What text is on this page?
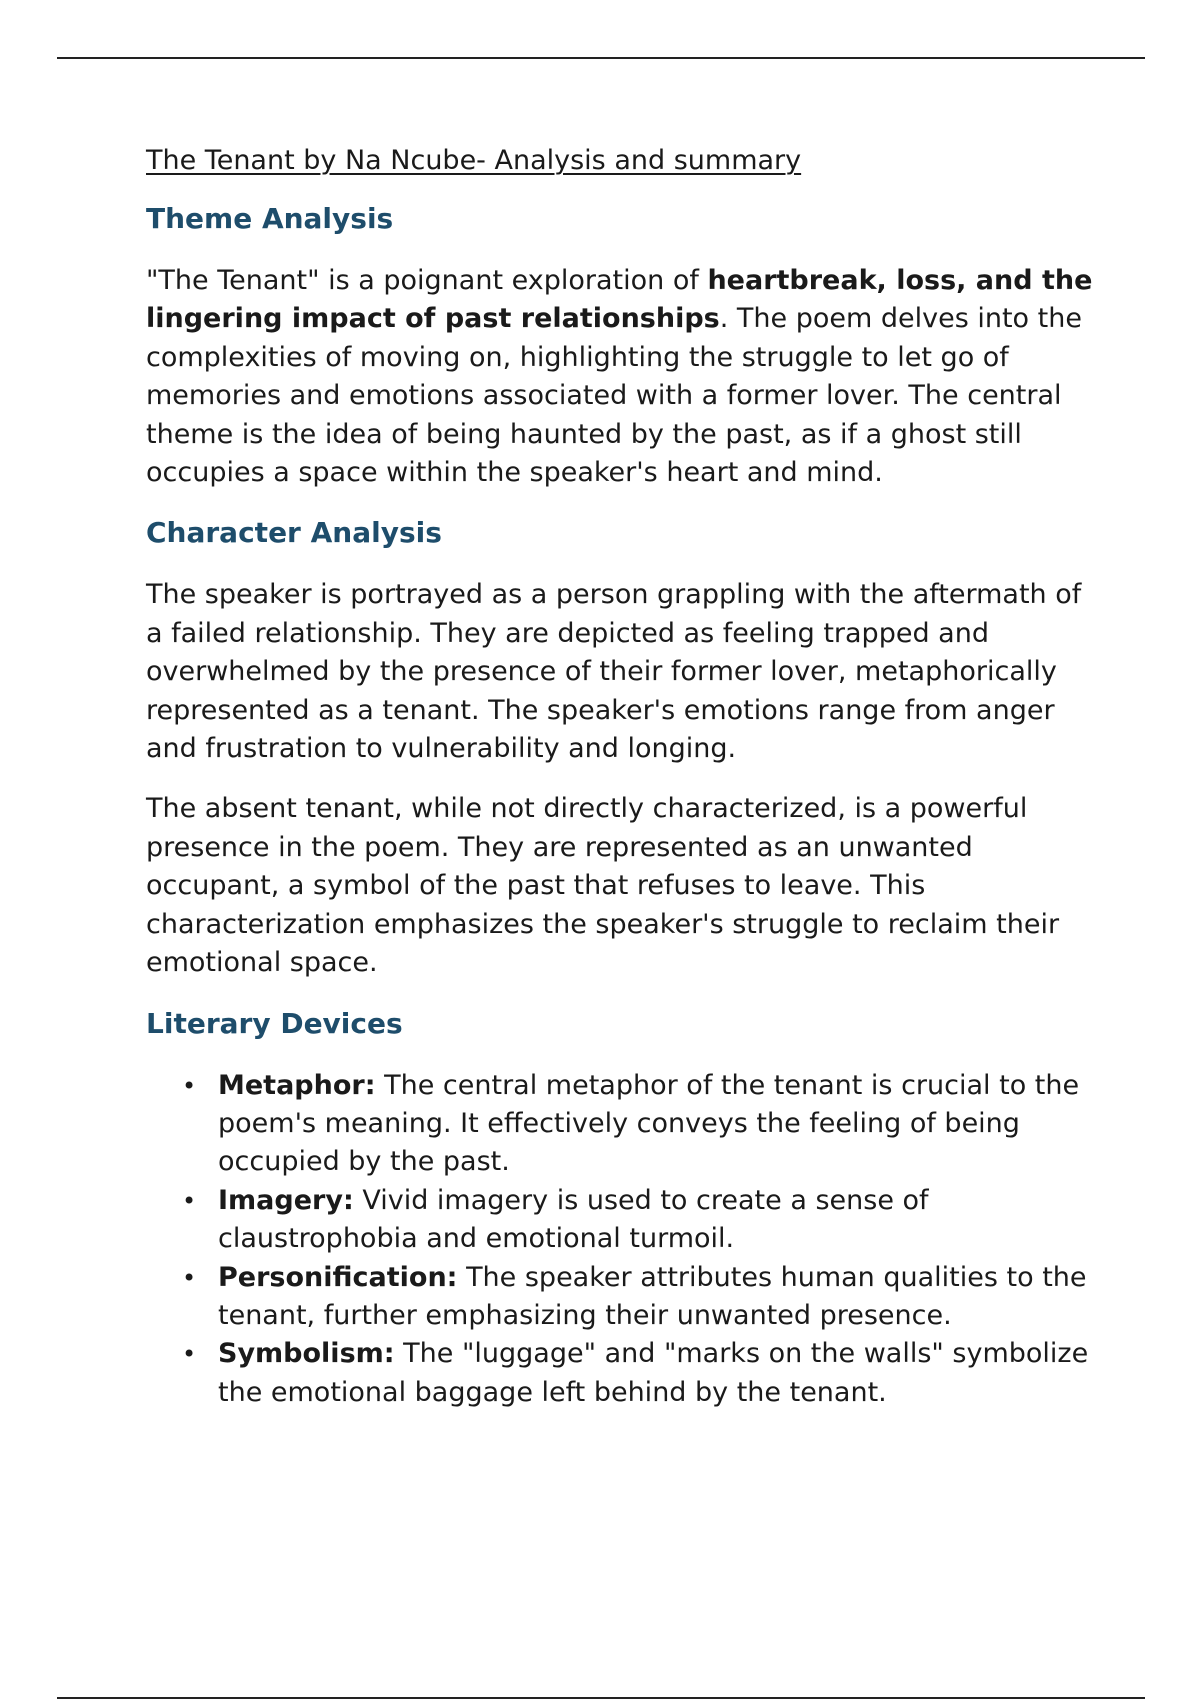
The Tenant by Na Ncube- Analysis and summary
Theme Analysis

"The Tenant" is a poignant exploration of heartbreak, loss, and the lingering impact of past relationships. The poem delves into the complexities of moving on, highlighting the struggle to let go of memories and emotions associated with a former lover. The central theme is the idea of being haunted by the past, as if a ghost still occupies a space within the speaker's heart and mind.

Character Analysis

The speaker is portrayed as a person grappling with the aftermath of a failed relationship. They are depicted as feeling trapped and overwhelmed by the presence of their former lover, metaphorically represented as a tenant. The speaker's emotions range from anger and frustration to vulnerability and longing.

The absent tenant, while not directly characterized, is a powerful presence in the poem. They are represented as an unwanted occupant, a symbol of the past that refuses to leave. This characterization emphasizes the speaker's struggle to reclaim their emotional space.

Literary Devices
• Metaphor: The central metaphor of the tenant is crucial to the poem's meaning. It effectively conveys the feeling of being occupied by the past.
• Imagery: Vivid imagery is used to create a sense of claustrophobia and emotional turmoil.
• Personification: The speaker attributes human qualities to the tenant, further emphasizing their unwanted presence.
• Symbolism: The "luggage" and "marks on the walls" symbolize the emotional baggage left behind by the tenant.
